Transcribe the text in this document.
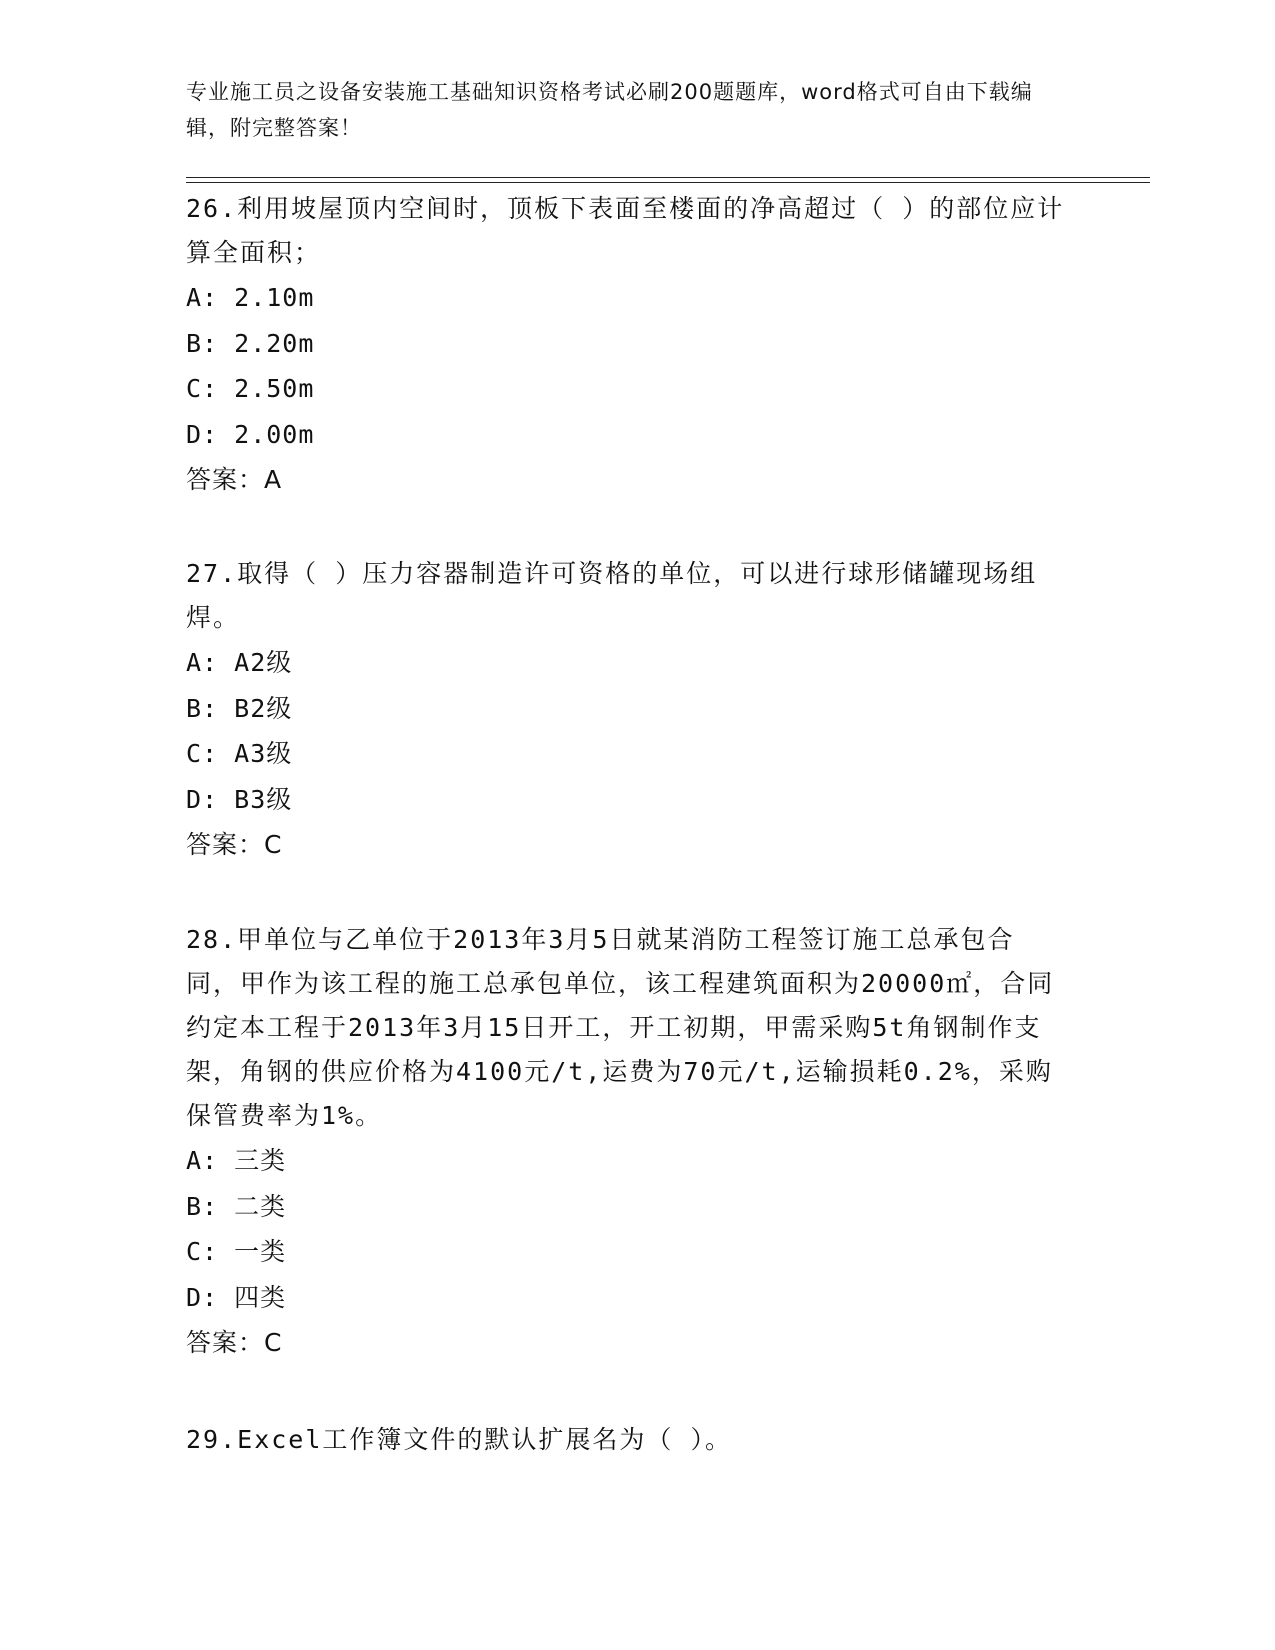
专业施工员之设备安装施工基础知识资格考试必刷200题题库，word格式可自由下载编辑，附完整答案！

26.利用坡屋顶内空间时，顶板下表面至楼面的净高超过（ ）的部位应计算全面积；

A: 2.10m

B: 2.20m

C: 2.50m

D: 2.00m

答案：A

27.取得（ ）压力容器制造许可资格的单位，可以进行球形储罐现场组焊。

A: A2级

B: B2级

C: A3级

D: B3级

答案：C

28.甲单位与乙单位于2013年3月5日就某消防工程签订施工总承包合同，甲作为该工程的施工总承包单位，该工程建筑面积为20000㎡，合同约定本工程于2013年3月15日开工，开工初期，甲需采购5t角钢制作支架，角钢的供应价格为4100元/t,运费为70元/t,运输损耗0.2%，采购保管费率为1%。

A: 三类

B: 二类

C: 一类

D: 四类

答案：C

29.Excel工作簿文件的默认扩展名为（ ）。
